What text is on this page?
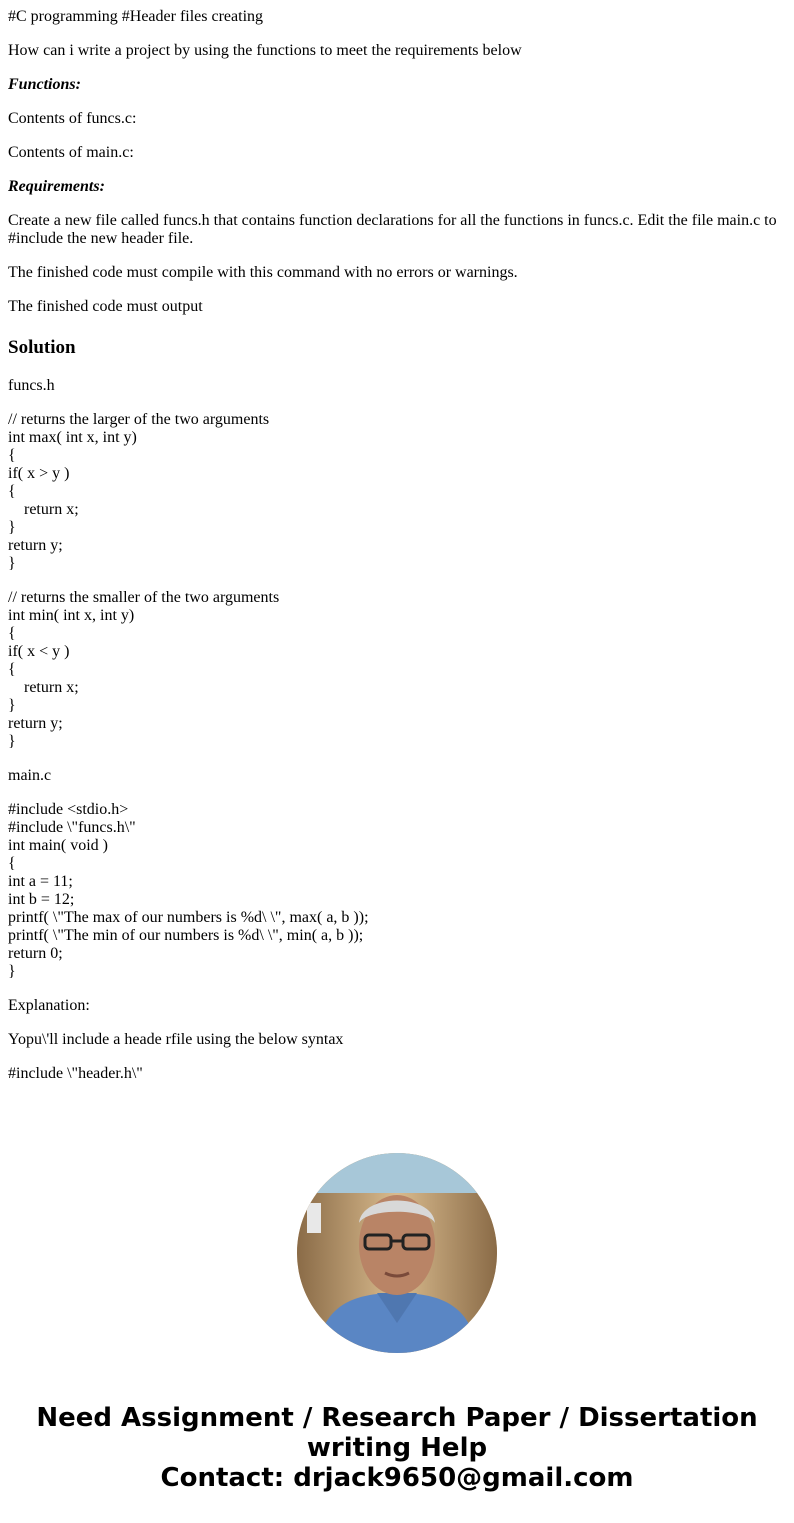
#C programming #Header files creating

How can i write a project by using the functions to meet the requirements below

Functions:

Contents of funcs.c:

Contents of main.c:

Requirements:

Create a new file called funcs.h that contains function declarations for all the functions in funcs.c. Edit the file main.c to #include the new header file.

The finished code must compile with this command with no errors or warnings.

The finished code must output

Solution

funcs.h

// returns the larger of the two arguments
int max( int x, int y)
{
if( x > y )
{
return x;
}
return y;
}
// returns the smaller of the two arguments
int min( int x, int y)
{
if( x < y )
{
return x;
}
return y;
}

main.c

#include <stdio.h>
#include \"funcs.h\"
int main( void )
{
int a = 11;
int b = 12;
printf( \"The max of our numbers is %d\ \", max( a, b ));
printf( \"The min of our numbers is %d\ \", min( a, b ));
return 0;
}

Explanation:

Yopu\'ll include a heade rfile using the below syntax

#include \"header.h\"

Need Assignment / Research Paper / Dissertation
writing Help
Contact: drjack9650@gmail.com
